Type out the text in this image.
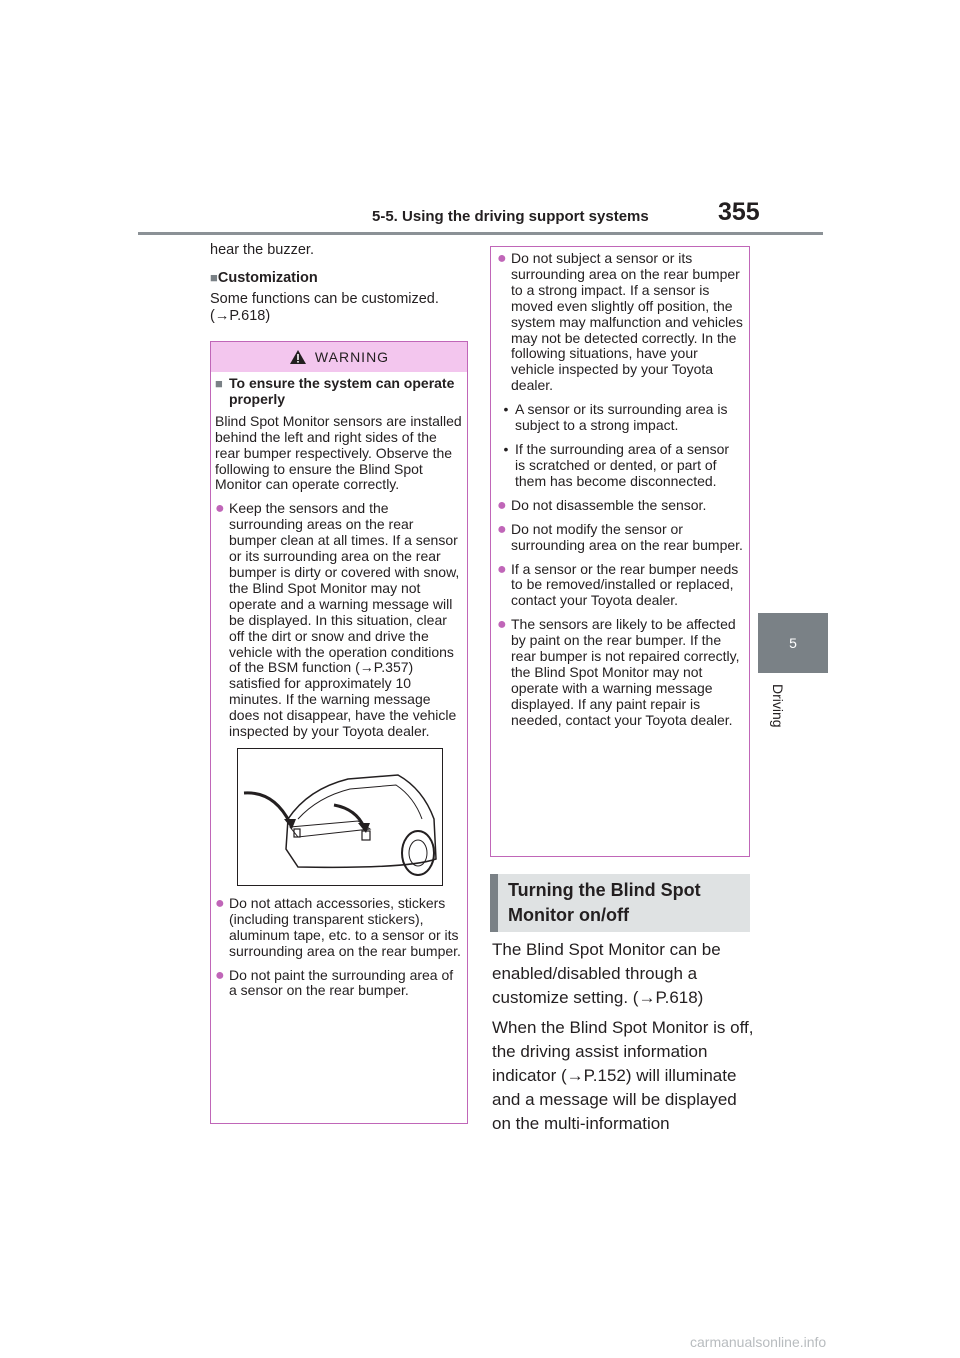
5-5. Using the driving support systems	355
5
Driving

hear the buzzer.

■Customization

Some functions can be customized. (→P.618)

WARNING
■ To ensure the system can operate properly

Blind Spot Monitor sensors are installed behind the left and right sides of the rear bumper respectively. Observe the following to ensure the Blind Spot Monitor can operate correctly.

● Keep the sensors and the surrounding areas on the rear bumper clean at all times. If a sensor or its surrounding area on the rear bumper is dirty or covered with snow, the Blind Spot Monitor may not operate and a warning message will be displayed. In this situation, clear off the dirt or snow and drive the vehicle with the operation conditions of the BSM function (→P.357) satisfied for approximately 10 minutes. If the warning message does not disappear, have the vehicle inspected by your Toyota dealer.
● Do not attach accessories, stickers (including transparent stickers), aluminum tape, etc. to a sensor or its surrounding area on the rear bumper.
● Do not paint the surrounding area of a sensor on the rear bumper.
● Do not subject a sensor or its surrounding area on the rear bumper to a strong impact. If a sensor is moved even slightly off position, the system may malfunction and vehicles may not be detected correctly. In the following situations, have your vehicle inspected by your Toyota dealer.
• A sensor or its surrounding area is subject to a strong impact.
• If the surrounding area of a sensor is scratched or dented, or part of them has become disconnected.
● Do not disassemble the sensor.
● Do not modify the sensor or surrounding area on the rear bumper.
● If a sensor or the rear bumper needs to be removed/installed or replaced, contact your Toyota dealer.
● The sensors are likely to be affected by paint on the rear bumper. If the rear bumper is not repaired correctly, the Blind Spot Monitor may not operate with a warning message displayed. If any paint repair is needed, contact your Toyota dealer.
Turning the Blind Spot Monitor on/off

The Blind Spot Monitor can be enabled/disabled through a customize setting. (→P.618)

When the Blind Spot Monitor is off, the driving assist information indicator (→P.152) will illuminate and a message will be displayed on the multi-information

carmanualsonline.info
